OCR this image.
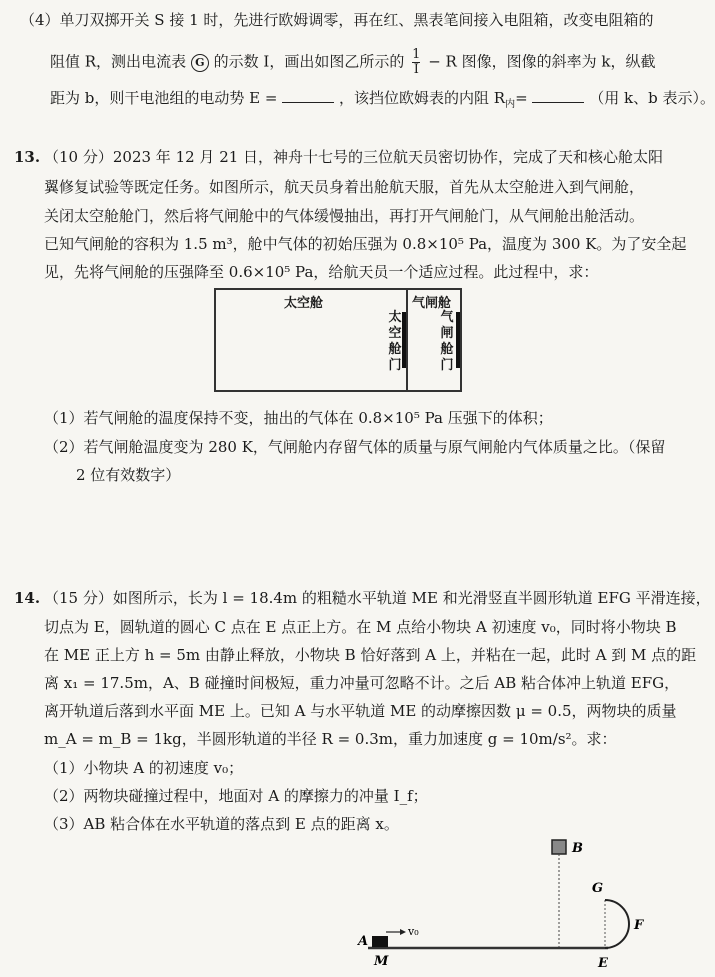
（4）单刀双掷开关 S 接 1 时，先进行欧姆调零，再在红、黑表笔间接入电阻箱，改变电阻箱的
阻值 R，测出电流表 G 的示数 I，画出如图乙所示的 $\frac{1}{I} - R$ 图像，图像的斜率为 k，纵截
距为 b，则干电池组的电动势 E =	，该挡位欧姆表的内阻 $R_内=$	（用 k、b 表示）。
13. （10 分）2023 年 12 月 21 日，神舟十七号的三位航天员密切协作，完成了天和核心舱太阳
翼修复试验等既定任务。如图所示，航天员身着出舱航天服，首先从太空舱进入到气闸舱，
关闭太空舱舱门，然后将气闸舱中的气体缓慢抽出，再打开气闸舱门，从气闸舱出舱活动。
已知气闸舱的容积为 1.5 m³，舱中气体的初始压强为 0.8×10⁵ Pa，温度为 300 K。为了安全起
见，先将气闸舱的压强降至 0.6×10⁵ Pa，给航天员一个适应过程。此过程中，求：
太空舱	气闸舱
太空舱门
气闸舱门
（1）若气闸舱的温度保持不变，抽出的气体在 0.8×10⁵ Pa 压强下的体积；
（2）若气闸舱温度变为 280 K，气闸舱内存留气体的质量与原气闸舱内气体质量之比。（保留
2 位有效数字）
14. （15 分）如图所示，长为 l = 18.4m 的粗糙水平轨道 ME 和光滑竖直半圆形轨道 EFG 平滑连接，
切点为 E，圆轨道的圆心 C 点在 E 点正上方。在 M 点给小物块 A 初速度 v₀，同时将小物块 B
在 ME 正上方 h = 5m 由静止释放，小物块 B 恰好落到 A 上，并粘在一起，此时 A 到 M 点的距
离 x₁ = 17.5m，A、B 碰撞时间极短，重力冲量可忽略不计。之后 AB 粘合体冲上轨道 EFG，
离开轨道后落到水平面 ME 上。已知 A 与水平轨道 ME 的动摩擦因数 μ = 0.5，两物块的质量
m_A = m_B = 1kg，半圆形轨道的半径 R = 0.3m，重力加速度 g = 10m/s²。求：
（1）小物块 A 的初速度 v₀；
（2）两物块碰撞过程中，地面对 A 的摩擦力的冲量 I_f；
（3）AB 粘合体在水平轨道的落点到 E 点的距离 x。
A
v₀
M
B
G
F
E
